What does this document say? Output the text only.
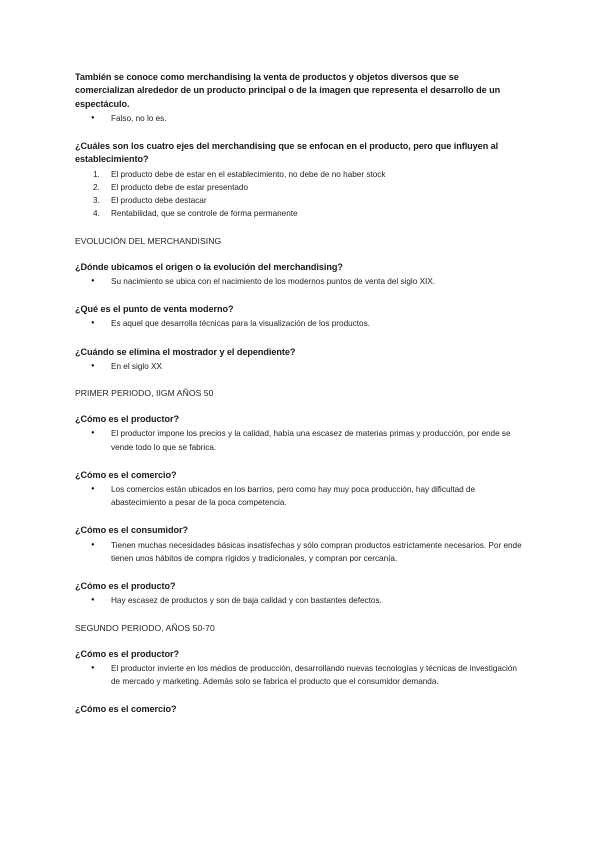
También se conoce como merchandising la venta de productos y objetos diversos que se comercializan alrededor de un producto principal o de la imagen que representa el desarrollo de un espectáculo.

● Falso, no lo es.

¿Cuáles son los cuatro ejes del merchandising que se enfocan en el producto, pero que influyen al establecimiento?

1. El producto debe de estar en el establecimiento, no debe de no haber stock
2. El producto debe de estar presentado
3. El producto debe destacar
4. Rentabilidad, que se controle de forma permanente

EVOLUCIÓN DEL MERCHANDISING

¿Dónde ubicamos el origen o la evolución del merchandising?

● Su nacimiento se ubica con el nacimiento de los modernos puntos de venta del siglo XIX.

¿Qué es el punto de venta moderno?

● Es aquel que desarrolla técnicas para la visualización de los productos.

¿Cuándo se elimina el mostrador y el dependiente?

● En el siglo XX

PRIMER PERIODO, IIGM AÑOS 50

¿Cómo es el productor?

● El productor impone los precios y la calidad, había una escasez de materias primas y producción, por ende se vende todo lo que se fabrica.

¿Cómo es el comercio?

● Los comercios están ubicados en los barrios, pero como hay muy poca producción, hay dificultad de abastecimiento a pesar de la poca competencia.

¿Cómo es el consumidor?

● Tienen muchas necesidades básicas insatisfechas y sólo compran productos estrictamente necesarios. Por ende tienen unos hábitos de compra rígidos y tradicionales, y compran por cercanía.

¿Cómo es el producto?

● Hay escasez de productos y son de baja calidad y con bastantes defectos.

SEGUNDO PERIODO, AÑOS 50-70

¿Cómo es el productor?

● El productor invierte en los medios de producción, desarrollando nuevas tecnologías y técnicas de investigación de mercado y marketing. Además solo se fabrica el producto que el consumidor demanda.

¿Cómo es el comercio?
